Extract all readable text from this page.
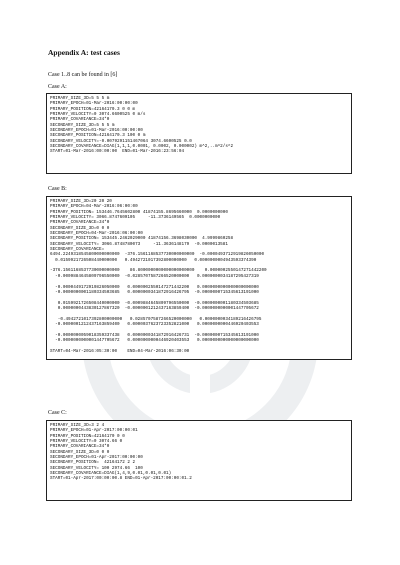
Appendix A: test cases
Case 1..8 can be found in [6]
Case A:
PRIMARY_SIZE_3D=5 5 5 m
PRIMARY_EPOCH=01-Mar-2016:00:00:00
PRIMARY_POSITION=42164170.3 0 0 m
PRIMARY_VELOCITY=0 3074.6600525 0 m/s
PRIMARY_COVARIANCE=34*0
SECONDARY_SIZE_3D=5 5 5 m
SECONDARY_EPOCH=01-Mar-2016:00:00:00
SECONDARY_POSITION=42164170.3 100 0 m
SECONDARY_VELOCITY=-0.0079291151467064 3074.6600525 0.0
SECONDARY_COVARIANCE=DIAG(1,1,1,0.0001, 0.0002, 0.000002) m^2,..m^2/s^2
START=01-Mar-2016:00:00:00  END=01-Mar-2016:23:56:04
Case B:
PRIMARY_SIZE_3D=20 20 20
PRIMARY_EPOCH=04-Mar-2016:06:00:00
PRIMARY_POSITION= 153446.7645602800 41874155.8695660000  0.0000000000
PRIMARY_VELOCITY= 3066.8747609105     -11.3736149565  0.0000000000
PRIMARY_COVARIANCE=34*0
SECONDARY_SIZE_3D=0 0 0
SECONDARY_EPOCH=04-Mar-2016:06:00:00
SECONDARY_POSITION= 153445.2462029000 41874156.3698030000  4.9999860258
SECONDARY_VELOCITY= 3066.8748780073     -11.3636148179  -0.0000013581
SECONDARY_COVARIANCE=
6494.2249318545800000000000  -376.1561168537730000000000  -0.0000493712919826050000
0.0159921726508440000000   0.4942721017392800000000   0.0000000004943593374390

-376.1561168537730000000000    86.8000000000000000000000    0.0000002550147271442200
-0.0009884645809796550000  -0.0285707587266520000000   0.0000000034187295427319

-0.0000449172919826050000   0.0000002550147271442200   0.0000000000000000000000
-0.0000000001180334503685   0.0000000341872916426795  -0.0000000715345613191000

0.0159921726508440000000  -0.0009884645809796550000  -0.0000000001180334503685
0.0000000443830127867320  -0.0000001212437163859400  -0.0000000000001447705672

-0.4942721017392800000000   0.0285707587266520000000   0.0000000034189216426795
-0.0000001212437163859400   0.0000037623723352821000   0.0000000000446920403553

-0.0000000059018359337438   0.0000000341872916426731  -0.0000000715345613191000
-0.0000000000001447705672   0.0000000000446920403553   0.0000000000000000000000

START=04-Mar-2016:05:30:00    END=04-Mar-2016:06:30:00
Case C:
PRIMARY_SIZE_3D=3 2 4
PRIMARY_EPOCH=01-Apr-2017:00:00:01
PRIMARY_POSITION=42164170 0 0
PRIMARY_VELOCITY=0 3074.66 0
PRIMARY_COVARIANCE=34*0
SECONDARY_SIZE_3D=0 0 0
SECONDARY_EPOCH=01-Apr-2017:00:00:00
SECONDARY_POSITION=  42164172 2 2
SECONDARY_VELOCITY= 100 2974.66  100
SECONDARY_COVARIANCE=DIAG(1,4,9,0.01,0.01,0.01)
START=01-Apr-2017:00:00:00.8 END=01-Apr-2017:00:00:01.2
